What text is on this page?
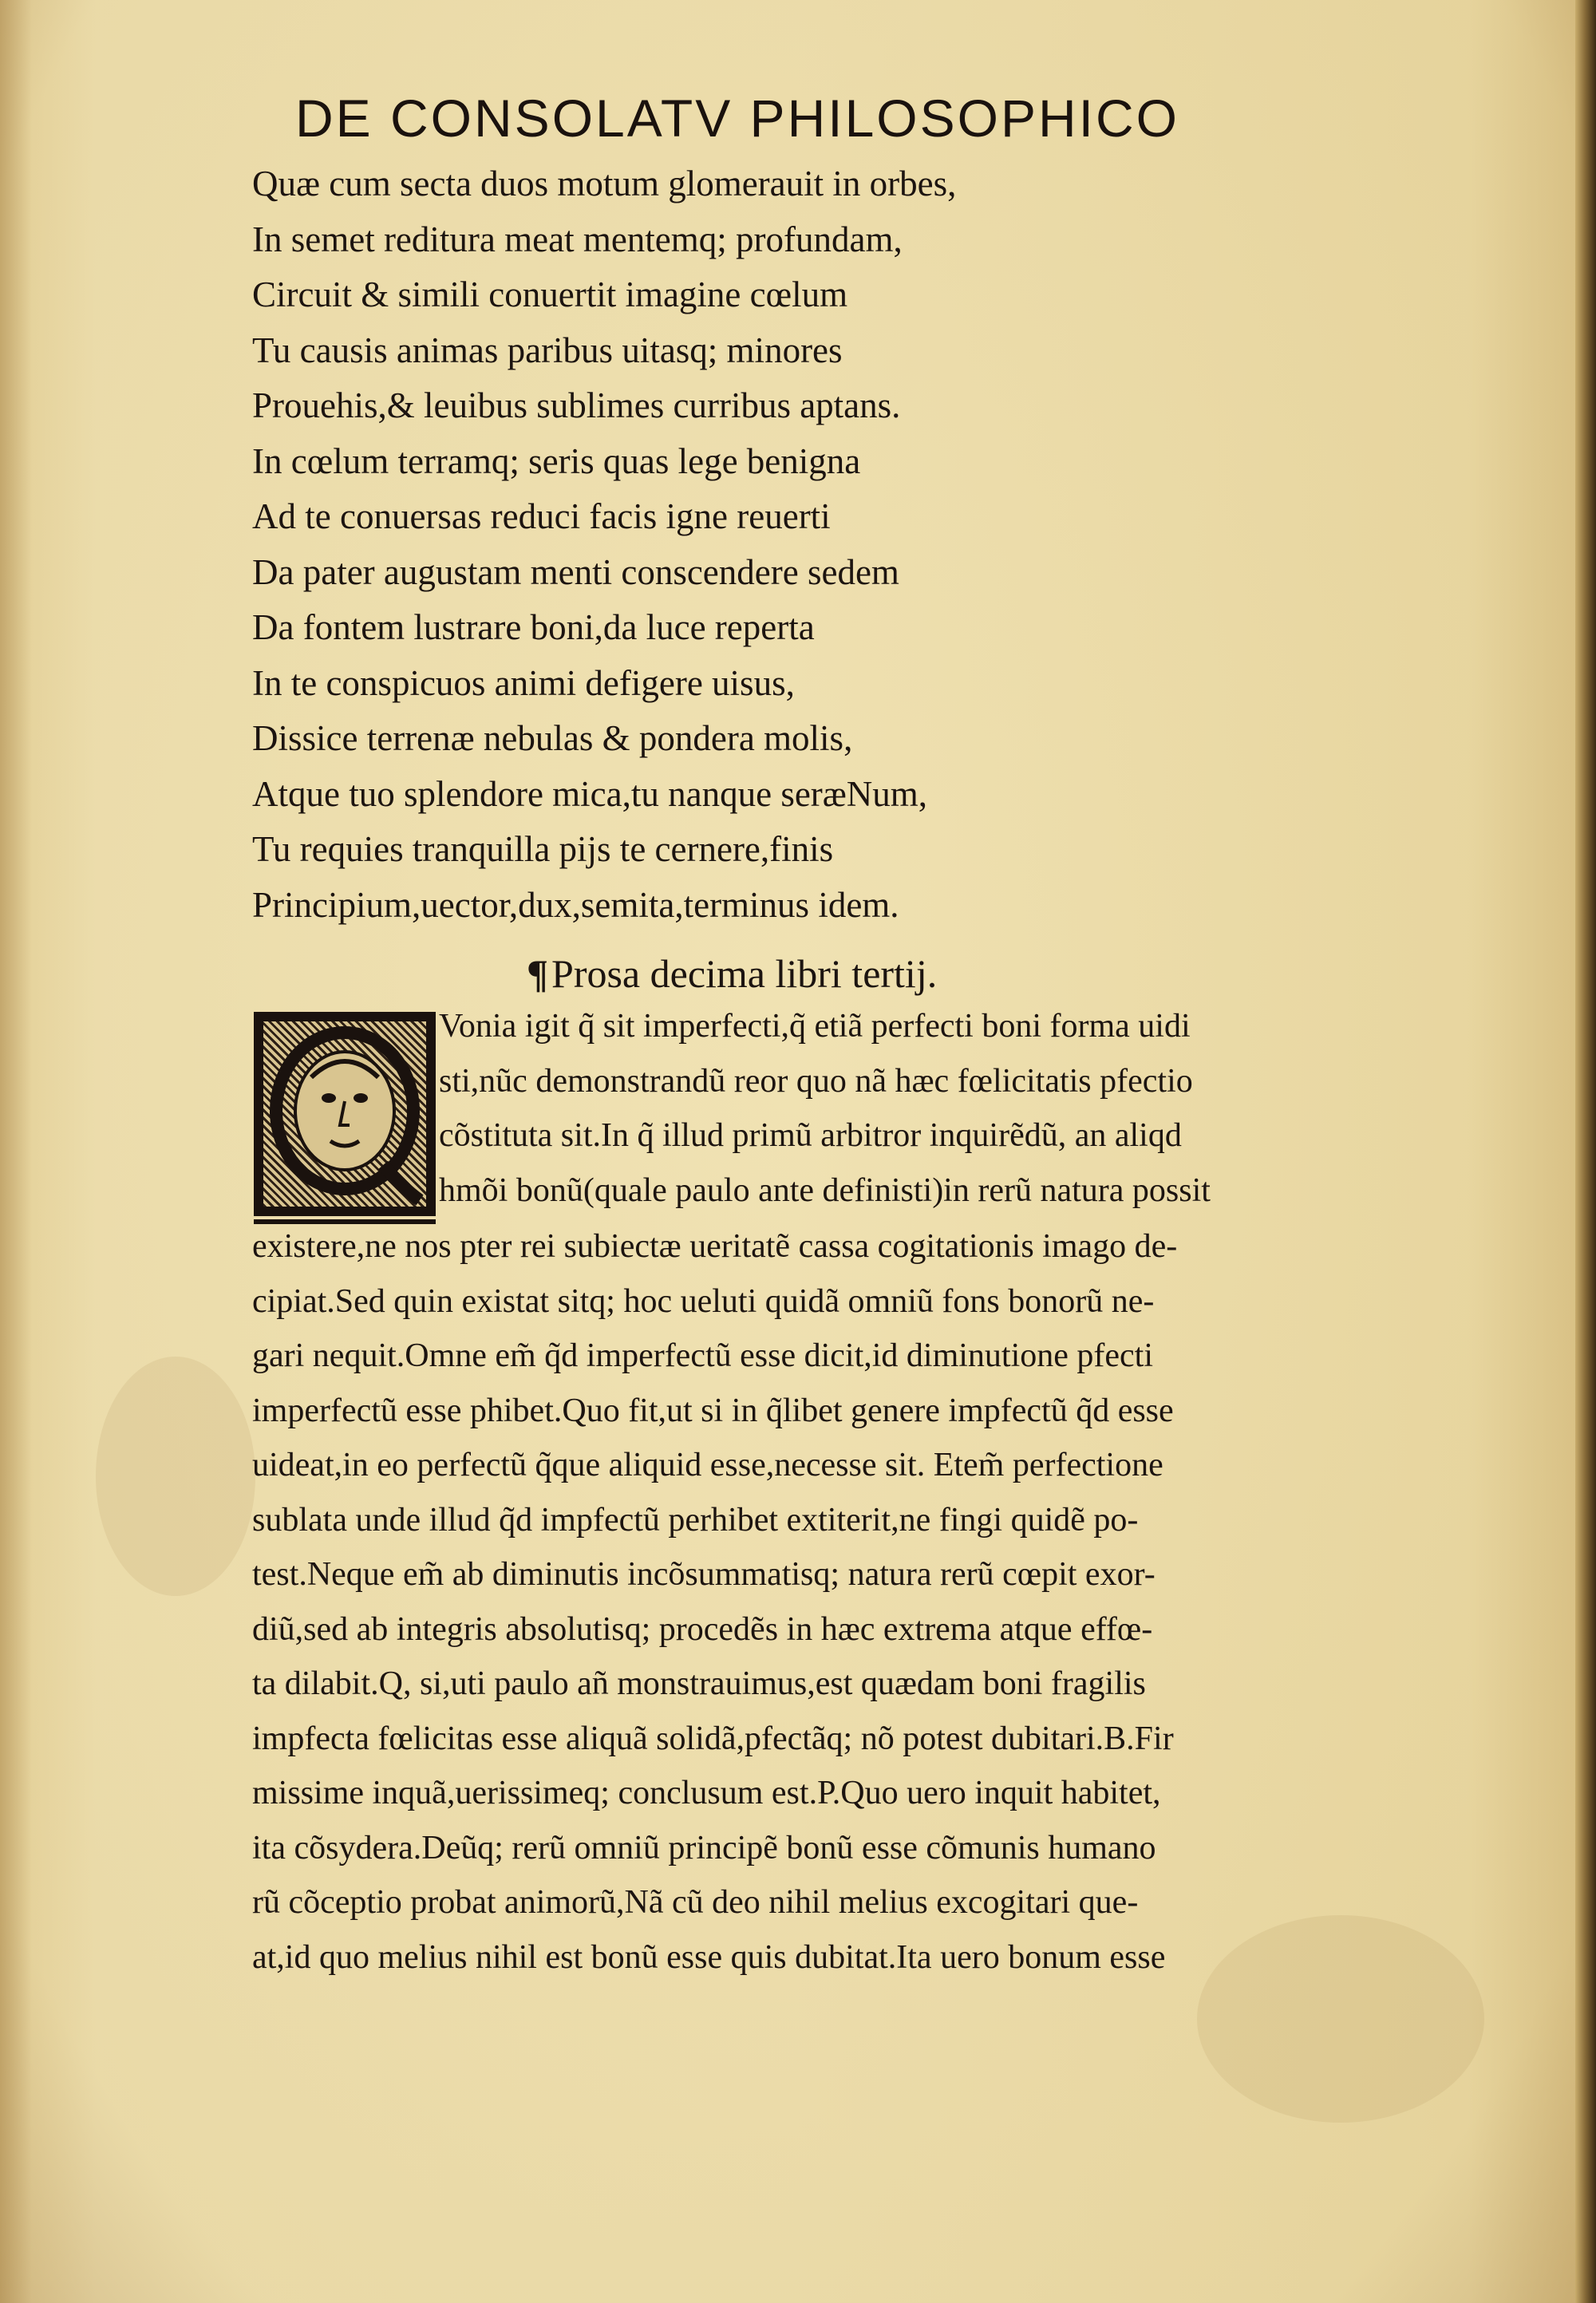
DE CONSOLATV PHILOSOPHICO
Quæ cum secta duos motum glomerauit in orbes,
In semet reditura meat mentemq; profundam,
Circuit & simili conuertit imagine cœlum
Tu causis animas paribus uitasq; minores
Prouehis,& leuibus sublimes curribus aptans.
In cœlum terramq; seris quas lege benigna
Ad te conuersas reduci facis igne reuerti
Da pater augustam menti conscendere sedem
Da fontem lustrare boni,da luce reperta
In te conspicuos animi defigere uisus,
Dissice terrenæ nebulas & pondera molis,
Atque tuo splendore mica,tu nanque seræNum,
Tu requies tranquilla pijs te cernere,finis
Principium,uector,dux,semita,terminus idem.
¶Prosa decima libri tertij.
Vonia igit q̃ sit imperfecti,q̃ etiã perfecti boni forma uidi
sti,nũc demonstrandũ reor quo nã hæc fœlicitatis pfectio
cõstituta sit.In q̃ illud primũ arbitror inquirẽdũ, an aliqd
hmõi bonũ(quale paulo ante definisti)in rerũ natura possit
existere,ne nos pter rei subiectæ ueritatẽ cassa cogitationis imago de-
cipiat.Sed quin existat sitq; hoc ueluti quidã omniũ fons bonorũ ne-
gari nequit.Omne em̃ q̃d imperfectũ esse dicit,id diminutione pfecti
imperfectũ esse phibet.Quo fit,ut si in q̃libet genere impfectũ q̃d esse
uideat,in eo perfectũ q̃que aliquid esse,necesse sit. Etem̃ perfectione
sublata unde illud q̃d impfectũ perhibet extiterit,ne fingi quidẽ po-
test.Neque em̃ ab diminutis incõsummatisq; natura rerũ cœpit exor-
diũ,sed ab integris absolutisq; procedẽs in hæc extrema atque effœ-
ta dilabit.Q, si,uti paulo añ monstrauimus,est quædam boni fragilis
impfecta fœlicitas esse aliquã solidã,pfectãq; nõ potest dubitari.B.Fir
missime inquã,uerissimeq; conclusum est.P.Quo uero inquit habitet,
ita cõsydera.Deũq; rerũ omniũ principẽ bonũ esse cõmunis humano
rũ cõceptio probat animorũ,Nã cũ deo nihil melius excogitari que-
at,id quo melius nihil est bonũ esse quis dubitat.Ita uero bonum esse
